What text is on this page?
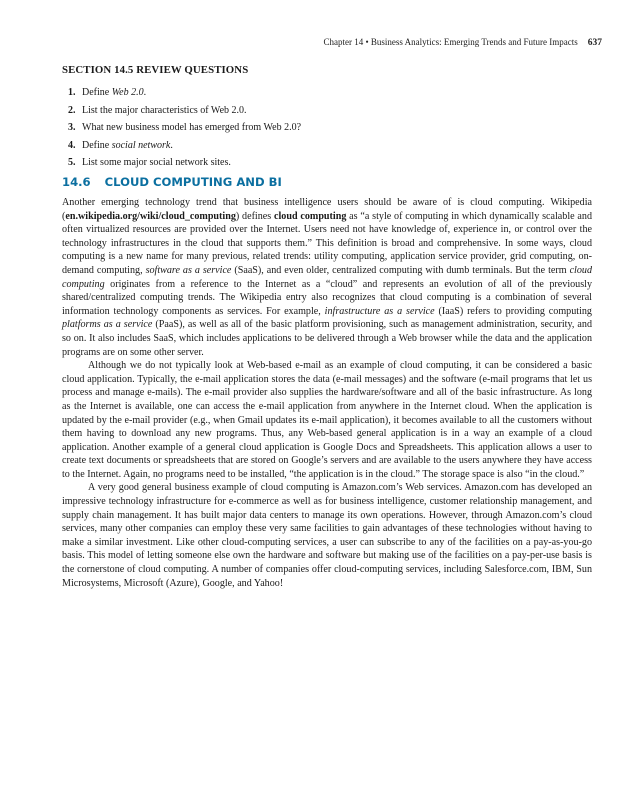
Chapter 14 • Business Analytics: Emerging Trends and Future Impacts 637
SECTION 14.5 REVIEW QUESTIONS
1. Define Web 2.0.
2. List the major characteristics of Web 2.0.
3. What new business model has emerged from Web 2.0?
4. Define social network.
5. List some major social network sites.
14.6 CLOUD COMPUTING AND BI

Another emerging technology trend that business intelligence users should be aware of is cloud computing. Wikipedia (en.wikipedia.org/wiki/cloud_computing) defines cloud computing as “a style of computing in which dynamically scalable and often virtualized resources are provided over the Internet. Users need not have knowledge of, experience in, or control over the technology infrastructures in the cloud that supports them.” This definition is broad and comprehensive. In some ways, cloud computing is a new name for many previous, related trends: utility computing, application service provider, grid computing, on-demand computing, software as a service (SaaS), and even older, centralized computing with dumb terminals. But the term cloud computing originates from a reference to the Internet as a “cloud” and represents an evolution of all of the previously shared/centralized computing trends. The Wikipedia entry also recognizes that cloud computing is a combination of several information technology components as services. For example, infrastructure as a service (IaaS) refers to providing computing platforms as a service (PaaS), as well as all of the basic platform provisioning, such as management administration, security, and so on. It also includes SaaS, which includes applications to be delivered through a Web browser while the data and the application programs are on some other server.

Although we do not typically look at Web-based e-mail as an example of cloud computing, it can be considered a basic cloud application. Typically, the e-mail application stores the data (e-mail messages) and the software (e-mail programs that let us process and manage e-mails). The e-mail provider also supplies the hardware/software and all of the basic infrastructure. As long as the Internet is available, one can access the e-mail application from anywhere in the Internet cloud. When the application is updated by the e-mail provider (e.g., when Gmail updates its e-mail application), it becomes available to all the customers without them having to download any new programs. Thus, any Web-based general application is in a way an example of a cloud application. Another example of a general cloud application is Google Docs and Spreadsheets. This application allows a user to create text documents or spreadsheets that are stored on Google’s servers and are available to the users anywhere they have access to the Internet. Again, no programs need to be installed, “the application is in the cloud.” The storage space is also “in the cloud.”

A very good general business example of cloud computing is Amazon.com’s Web services. Amazon.com has developed an impressive technology infrastructure for e-commerce as well as for business intelligence, customer relationship management, and supply chain management. It has built major data centers to manage its own operations. However, through Amazon.com’s cloud services, many other companies can employ these very same facilities to gain advantages of these technologies without having to make a similar investment. Like other cloud-computing services, a user can subscribe to any of the facilities on a pay-as-you-go basis. This model of letting someone else own the hardware and software but making use of the facilities on a pay-per-use basis is the cornerstone of cloud computing. A number of companies offer cloud-computing services, including Salesforce.com, IBM, Sun Microsystems, Microsoft (Azure), Google, and Yahoo!
